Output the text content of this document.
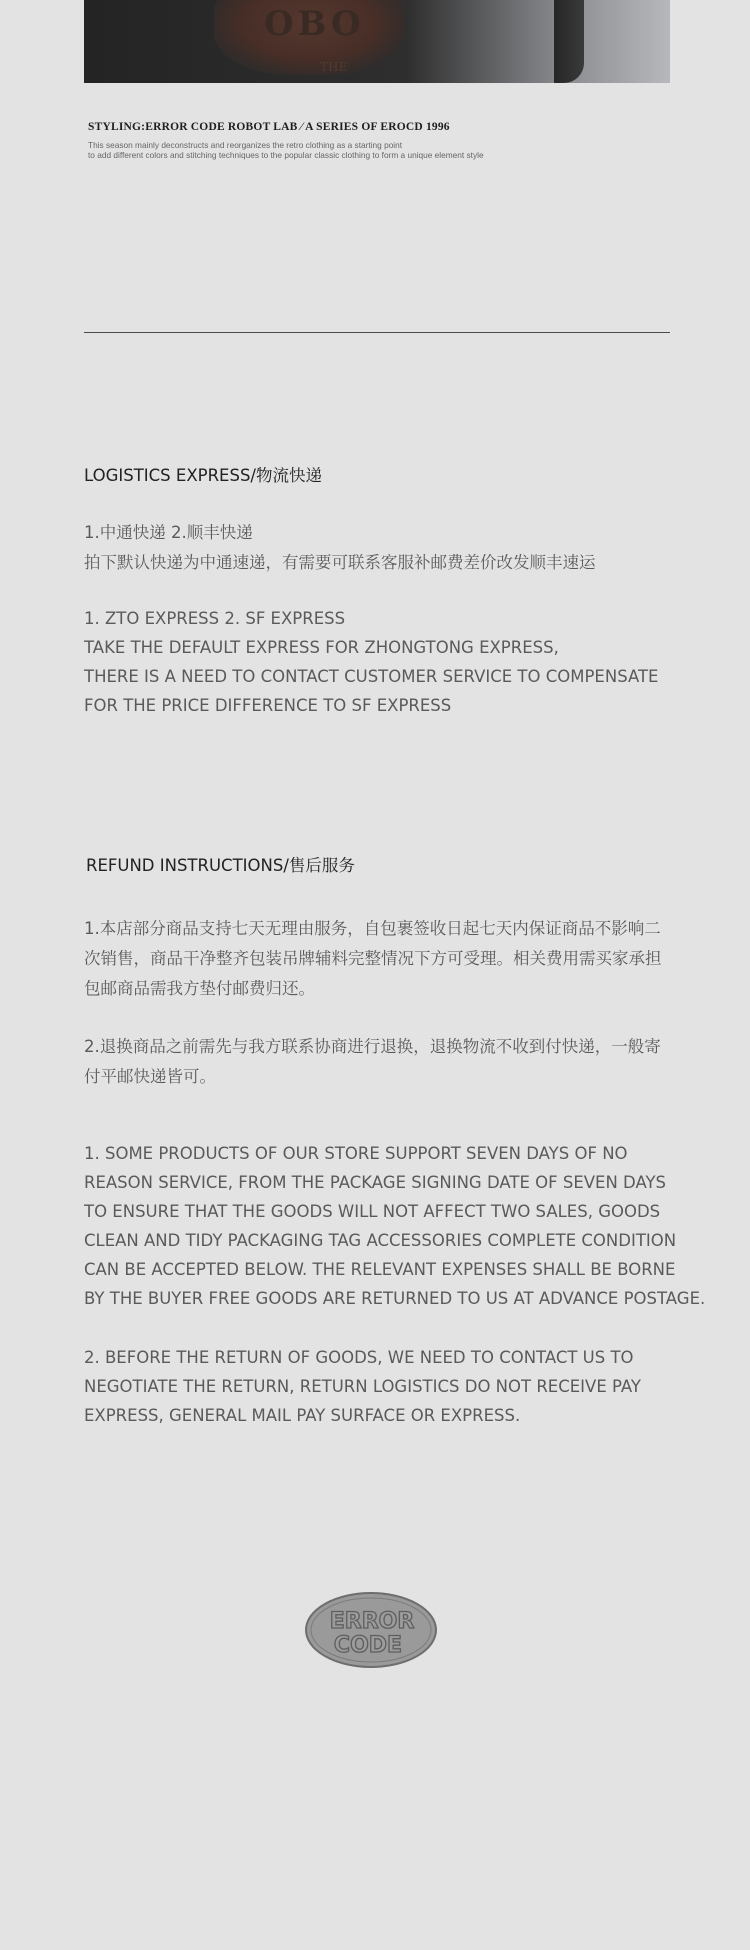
OBO
THE
STYLING:ERROR CODE ROBOT LAB ⁄ A SERIES OF EROCD 1996
This season mainly deconstructs and reorganizes the retro clothing as a starting point
to add different colors and stitching techniques to the popular classic clothing to form a unique element style
LOGISTICS EXPRESS/物流快递
1.中通快递 2.顺丰快递
拍下默认快递为中通速递，有需要可联系客服补邮费差价改发顺丰速运
1. ZTO EXPRESS 2. SF EXPRESS
TAKE THE DEFAULT EXPRESS FOR ZHONGTONG EXPRESS,
THERE IS A NEED TO CONTACT CUSTOMER SERVICE TO COMPENSATE
FOR THE PRICE DIFFERENCE TO SF EXPRESS
REFUND INSTRUCTIONS/售后服务
1.本店部分商品支持七天无理由服务，自包裹签收日起七天内保证商品不影响二
次销售，商品干净整齐包装吊牌辅料完整情况下方可受理。相关费用需买家承担
包邮商品需我方垫付邮费归还。
2.退换商品之前需先与我方联系协商进行退换，退换物流不收到付快递，一般寄
付平邮快递皆可。
1. SOME PRODUCTS OF OUR STORE SUPPORT SEVEN DAYS OF NO
REASON SERVICE, FROM THE PACKAGE SIGNING DATE OF SEVEN DAYS
TO ENSURE THAT THE GOODS WILL NOT AFFECT TWO SALES, GOODS
CLEAN AND TIDY PACKAGING TAG ACCESSORIES COMPLETE CONDITION
CAN BE ACCEPTED BELOW. THE RELEVANT EXPENSES SHALL BE BORNE
BY THE BUYER FREE GOODS ARE RETURNED TO US AT ADVANCE POSTAGE.
2. BEFORE THE RETURN OF GOODS, WE NEED TO CONTACT US TO
NEGOTIATE THE RETURN, RETURN LOGISTICS DO NOT RECEIVE PAY
EXPRESS, GENERAL MAIL PAY SURFACE OR EXPRESS.
ERROR
CODE
